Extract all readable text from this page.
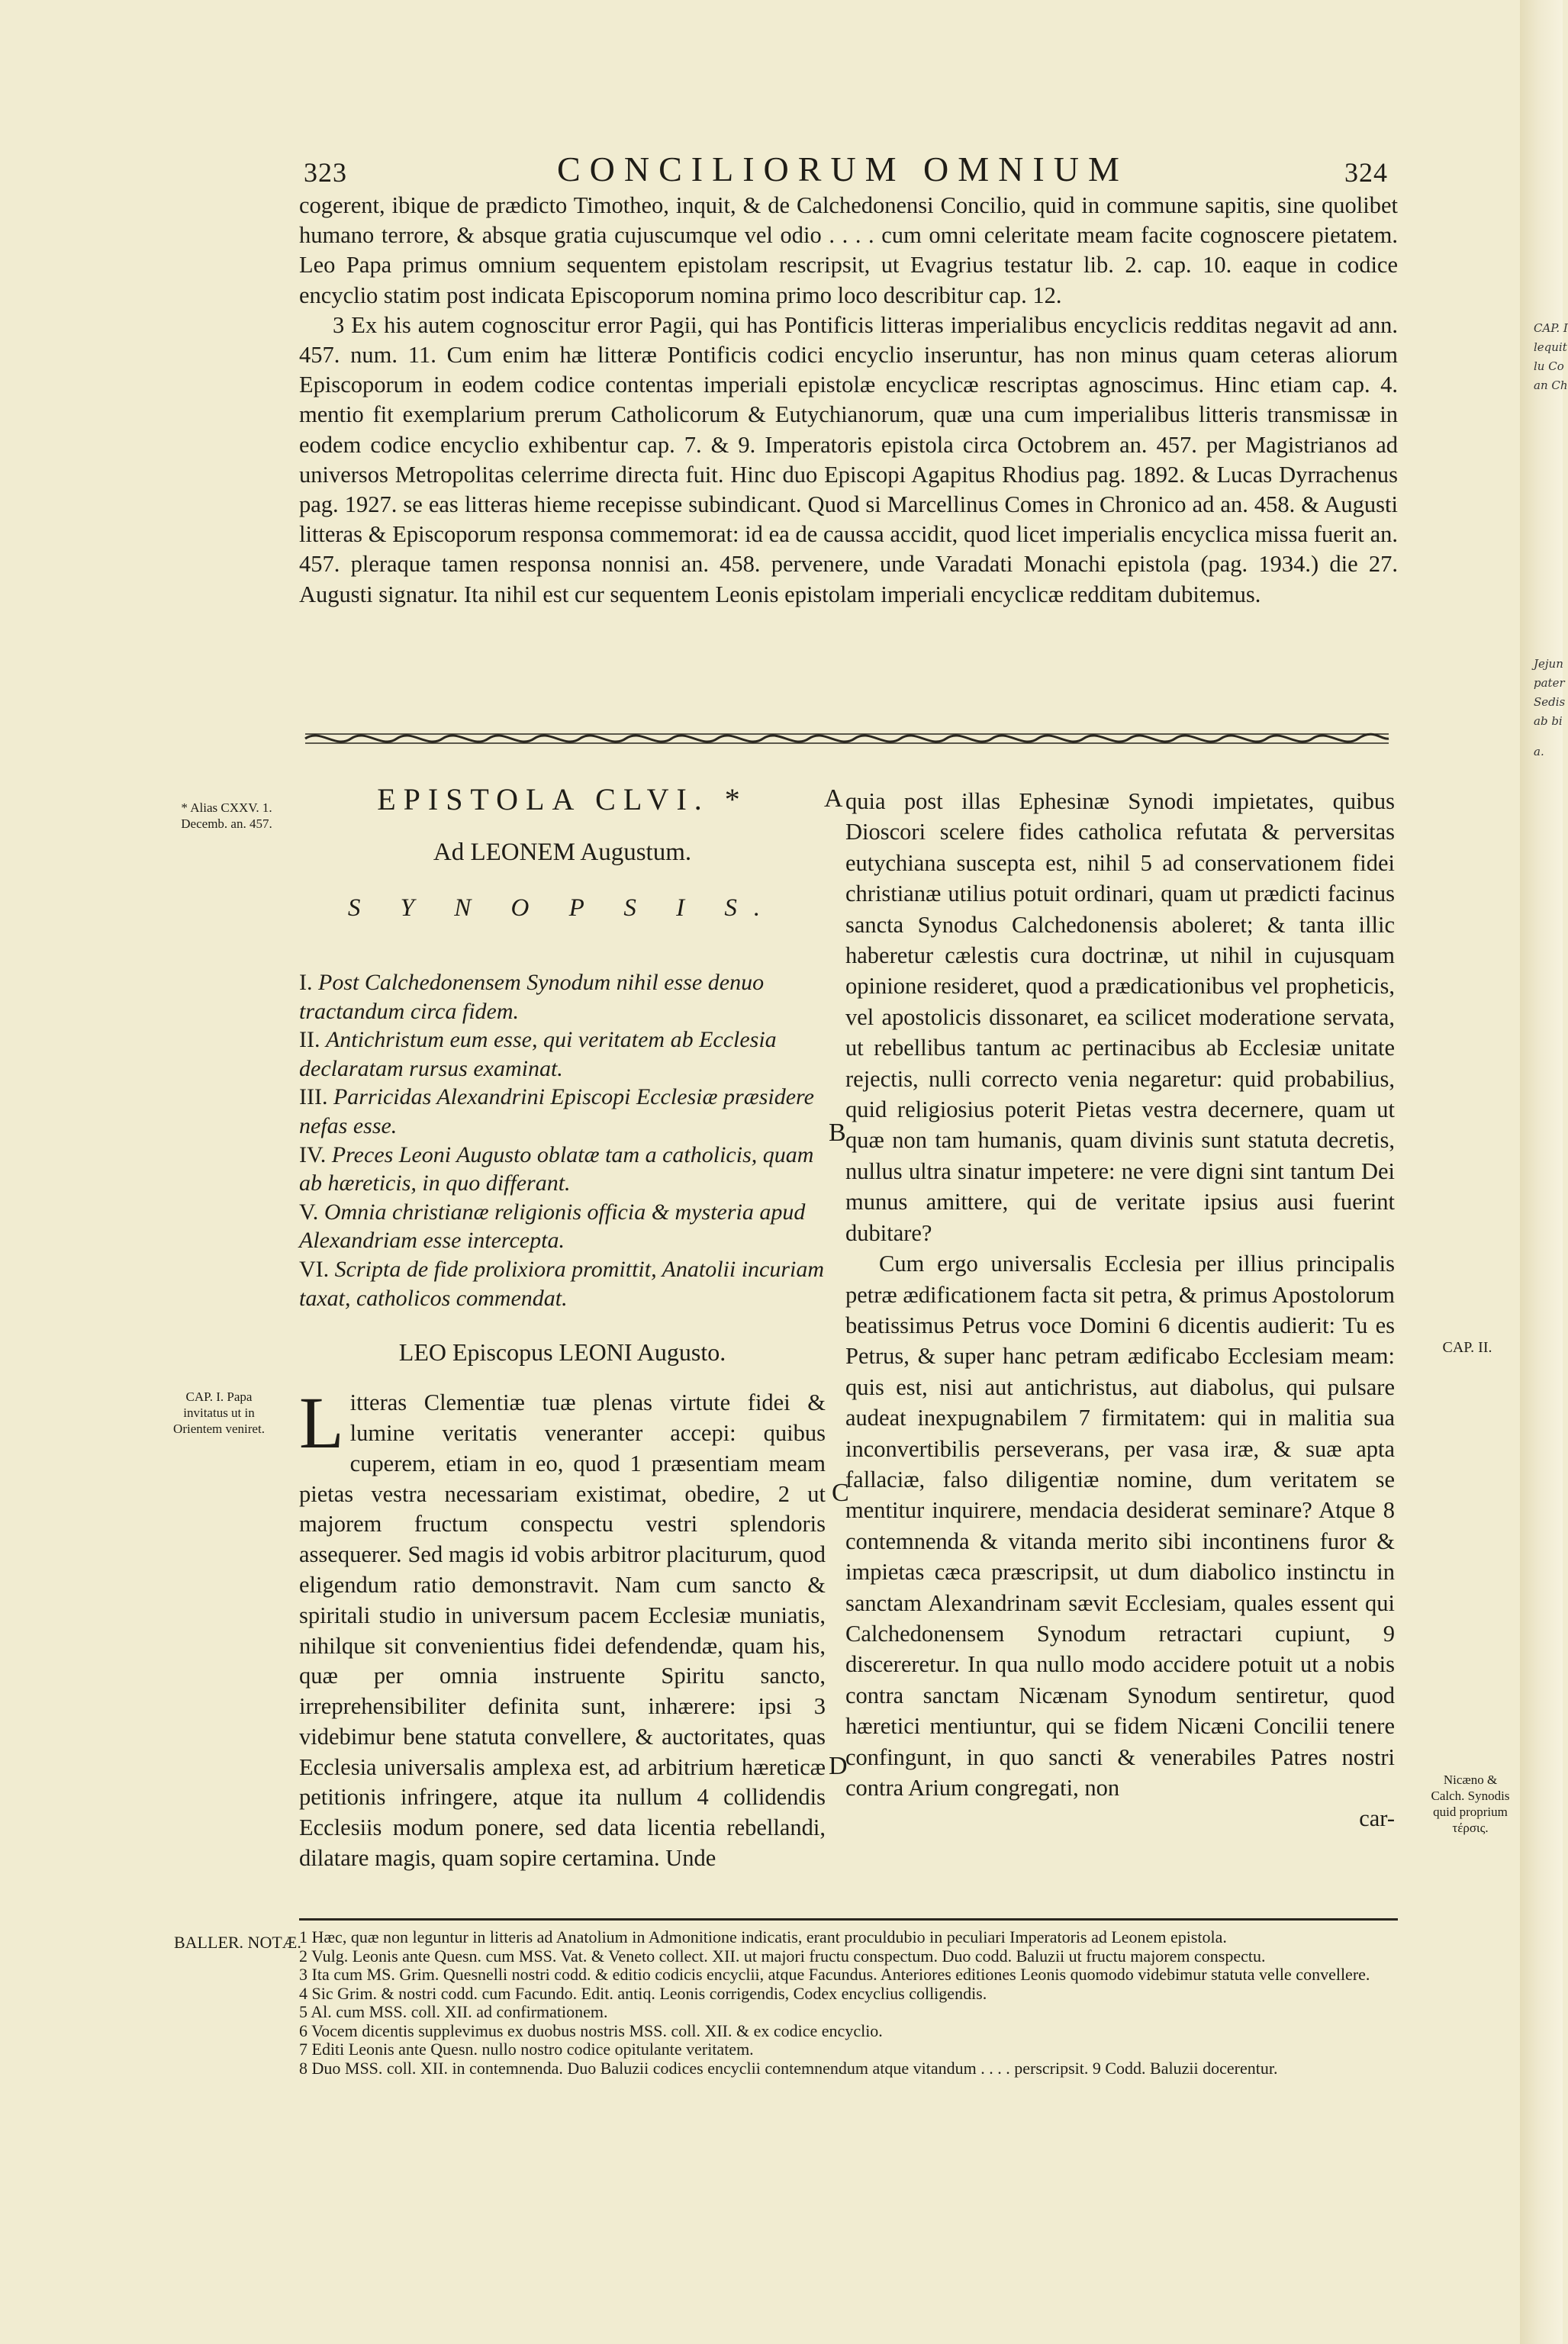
CAP. I
lequit
lu Co
an Ch
Jejun
pater
Sedis
ab bi
a.
323	CONCILIORUM OMNIUM	324

cogerent, ibique de prædicto Timotheo, inquit, & de Calchedonensi Concilio, quid in commune sapitis, sine quolibet humano terrore, & absque gratia cujuscumque vel odio . . . . cum omni celeritate meam facite cognoscere pietatem. Leo Papa primus omnium sequentem epistolam rescripsit, ut Evagrius testatur lib. 2. cap. 10. eaque in codice encyclio statim post indicata Episcoporum nomina primo loco describitur cap. 12.

3 Ex his autem cognoscitur error Pagii, qui has Pontificis litteras imperialibus encyclicis redditas negavit ad ann. 457. num. 11. Cum enim hæ litteræ Pontificis codici encyclio inseruntur, has non minus quam ceteras aliorum Episcoporum in eodem codice contentas imperiali epistolæ encyclicæ rescriptas agnoscimus. Hinc etiam cap. 4. mentio fit exemplarium prerum Catholicorum & Eutychianorum, quæ una cum imperialibus litteris transmissæ in eodem codice encyclio exhibentur cap. 7. & 9. Imperatoris epistola circa Octobrem an. 457. per Magistrianos ad universos Metropolitas celerrime directa fuit. Hinc duo Episcopi Agapitus Rhodius pag. 1892. & Lucas Dyrrachenus pag. 1927. se eas litteras hieme recepisse subindicant. Quod si Marcellinus Comes in Chronico ad an. 458. & Augusti litteras & Episcoporum responsa commemorat: id ea de caussa accidit, quod licet imperialis encyclica missa fuerit an. 457. pleraque tamen responsa nonnisi an. 458. pervenere, unde Varadati Monachi epistola (pag. 1934.) die 27. Augusti signatur. Ita nihil est cur sequentem Leonis epistolam imperiali encyclicæ redditam dubitemus.

* Alias CXXV. 1. Decemb. an. 457.
EPISTOLA CLVI. *
Ad LEONEM Augustum.
S Y N O P S I S.

I. Post Calchedonensem Synodum nihil esse denuo tractandum circa fidem.

II. Antichristum eum esse, qui veritatem ab Ecclesia declaratam rursus examinat.

III. Parricidas Alexandrini Episcopi Ecclesiæ præsidere nefas esse.

IV. Preces Leoni Augusto oblatæ tam a catholicis, quam ab hæreticis, in quo differant.

V. Omnia christianæ religionis officia & mysteria apud Alexandriam esse intercepta.

VI. Scripta de fide prolixiora promittit, Anatolii incuriam taxat, catholicos commendat.

LEO Episcopus LEONI Augusto.
L itteras Clementiæ tuæ plenas virtute fidei & lumine veritatis veneranter accepi: quibus cuperem, etiam in eo, quod 1 præsentiam meam pietas vestra necessariam existimat, obedire, 2 ut majorem fructum conspectu vestri splendoris assequerer. Sed magis id vobis arbitror placiturum, quod eligendum ratio demonstravit. Nam cum sancto & spiritali studio in universum pacem Ecclesiæ muniatis, nihilque sit convenientius fidei defendendæ, quam his, quæ per omnia instruente Spiritu sancto, irreprehensibiliter definita sunt, inhærere: ipsi 3 videbimur bene statuta convellere, & auctoritates, quas Ecclesia universalis amplexa est, ad arbitrium hæreticæ petitionis infringere, atque ita nullum 4 collidendis Ecclesiis modum ponere, sed data licentia rebellandi, dilatare magis, quam sopire certamina. Unde

CAP. I. Papa invitatus ut in Orientem veniret.
A
B
C
D

quia post illas Ephesinæ Synodi impietates, quibus Dioscori scelere fides catholica refutata & perversitas eutychiana suscepta est, nihil 5 ad conservationem fidei christianæ utilius potuit ordinari, quam ut prædicti facinus sancta Synodus Calchedonensis aboleret; & tanta illic haberetur cælestis cura doctrinæ, ut nihil in cujusquam opinione resideret, quod a prædicationibus vel propheticis, vel apostolicis dissonaret, ea scilicet moderatione servata, ut rebellibus tantum ac pertinacibus ab Ecclesiæ unitate rejectis, nulli correcto venia negaretur: quid probabilius, quid religiosius poterit Pietas vestra decernere, quam ut quæ non tam humanis, quam divinis sunt statuta decretis, nullus ultra sinatur impetere: ne vere digni sint tantum Dei munus amittere, qui de veritate ipsius ausi fuerint dubitare?

Cum ergo universalis Ecclesia per illius principalis petræ ædificationem facta sit petra, & primus Apostolorum beatissimus Petrus voce Domini 6 dicentis audierit: Tu es Petrus, & super hanc petram ædificabo Ecclesiam meam: quis est, nisi aut antichristus, aut diabolus, qui pulsare audeat inexpugnabilem 7 firmitatem: qui in malitia sua inconvertibilis perseverans, per vasa iræ, & suæ apta fallaciæ, falso diligentiæ nomine, dum veritatem se mentitur inquirere, mendacia desiderat seminare? Atque 8 contemnenda & vitanda merito sibi incontinens furor & impietas cæca præscripsit, ut dum diabolico instinctu in sanctam Alexandrinam sævit Ecclesiam, quales essent qui Calchedonensem Synodum retractari cupiunt, 9 discereretur. In qua nullo modo accidere potuit ut a nobis contra sanctam Nicænam Synodum sentiretur, quod hæretici mentiuntur, qui se fidem Nicæni Concilii tenere confingunt, in quo sancti & venerabiles Patres nostri contra Arium congregati, non

car-

CAP. II.
Nicæno & Calch. Synodis quid proprium τέρσις.
BALLER. NOTÆ.

1 Hæc, quæ non leguntur in litteris ad Anatolium in Admonitione indicatis, erant proculdubio in peculiari Imperatoris ad Leonem epistola.

2 Vulg. Leonis ante Quesn. cum MSS. Vat. & Veneto collect. XII. ut majori fructu conspectum. Duo codd. Baluzii ut fructu majorem conspectu.

3 Ita cum MS. Grim. Quesnelli nostri codd. & editio codicis encyclii, atque Facundus. Anteriores editiones Leonis quomodo videbimur statuta velle convellere.

4 Sic Grim. & nostri codd. cum Facundo. Edit. antiq. Leonis corrigendis, Codex encyclius colligendis.

5 Al. cum MSS. coll. XII. ad confirmationem.

6 Vocem dicentis supplevimus ex duobus nostris MSS. coll. XII. & ex codice encyclio.

7 Editi Leonis ante Quesn. nullo nostro codice opitulante veritatem.

8 Duo MSS. coll. XII. in contemnenda. Duo Baluzii codices encyclii contemnendum atque vitandum . . . . perscripsit. 9 Codd. Baluzii docerentur.
